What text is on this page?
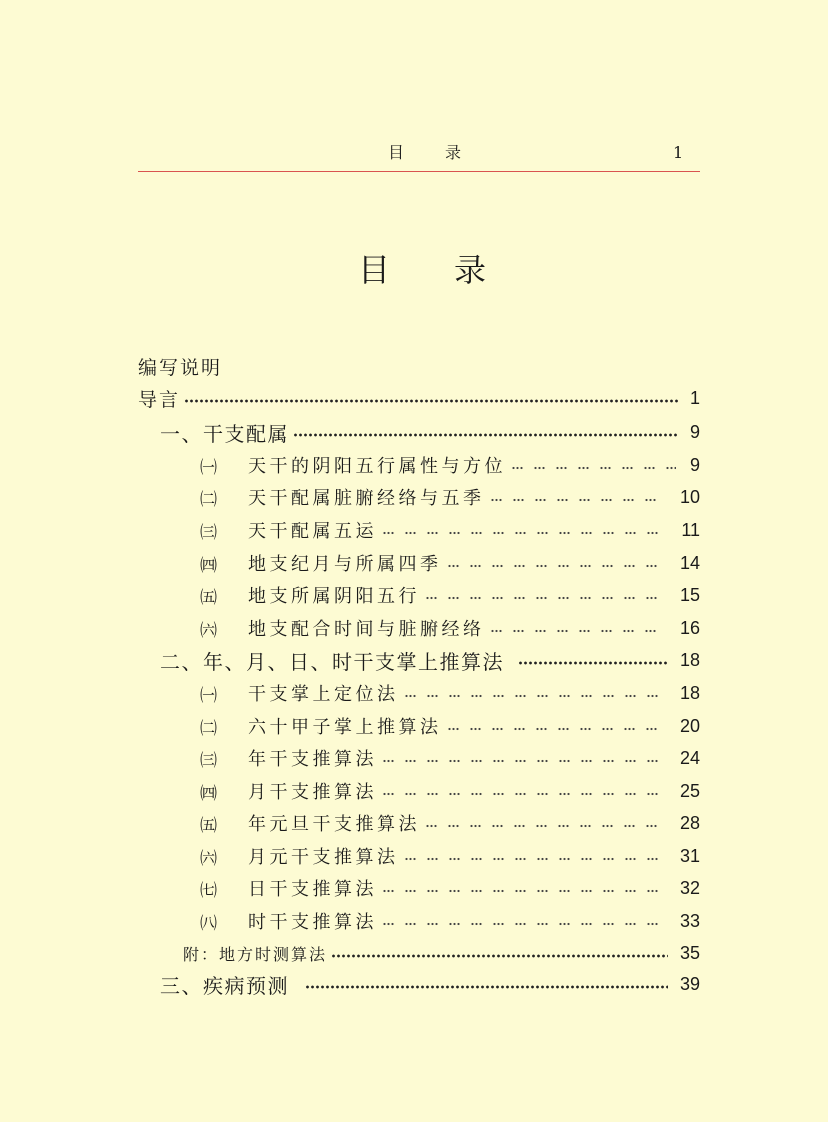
目　　录	1
目　　录
编写说明
导言	1
一、干支配属	9
㈠	天干的阴阳五行属性与方位	9
㈡	天干配属脏腑经络与五季	10
㈢	天干配属五运	11
㈣	地支纪月与所属四季	14
㈤	地支所属阴阳五行	15
㈥	地支配合时间与脏腑经络	16
二、年、月、日、时干支掌上推算法	18
㈠	干支掌上定位法	18
㈡	六十甲子掌上推算法	20
㈢	年干支推算法	24
㈣	月干支推算法	25
㈤	年元旦干支推算法	28
㈥	月元干支推算法	31
㈦	日干支推算法	32
㈧	时干支推算法	33
附：地方时测算法	35
三、疾病预测	39
